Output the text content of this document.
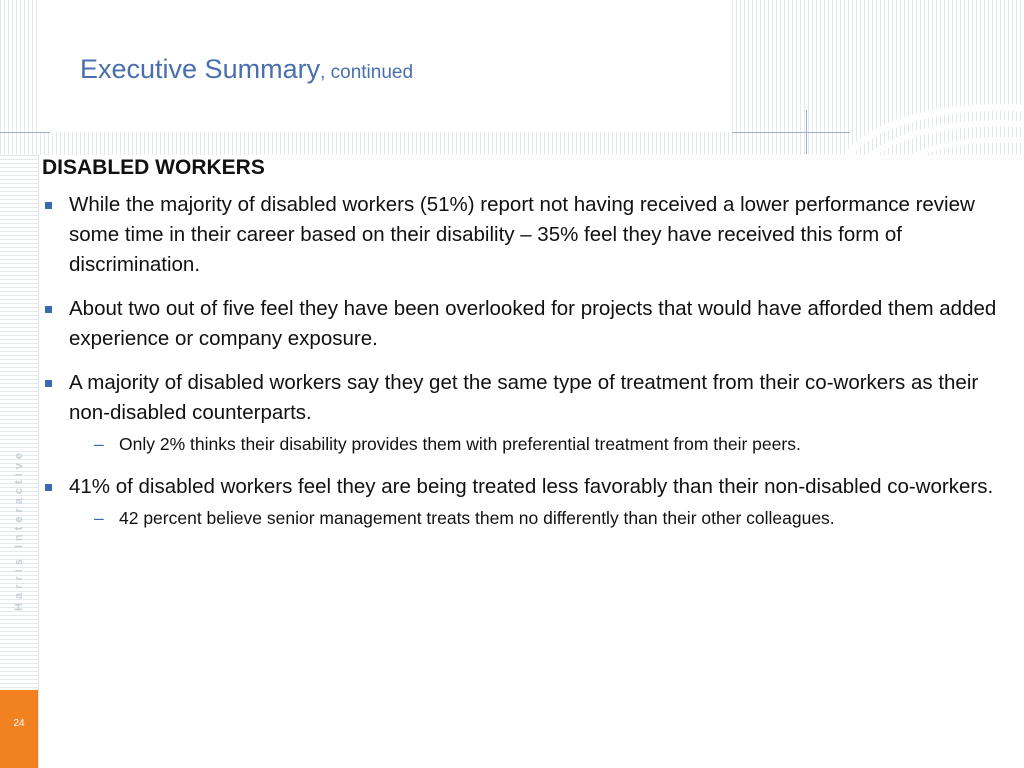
Harris Interactive
24
Executive Summary, continued
DISABLED WORKERS
While the majority of disabled workers (51%) report not having received a lower performance review some time in their career based on their disability – 35% feel they have received this form of discrimination.
About two out of five feel they have been overlooked for projects that would have afforded them added experience or company exposure.
A majority of disabled workers say they get the same type of treatment from their co-workers as their non-disabled counterparts.
– Only 2% thinks their disability provides them with preferential treatment from their peers.
41% of disabled workers feel they are being treated less favorably than their non-disabled co-workers.
– 42 percent believe senior management treats them no differently than their other colleagues.
